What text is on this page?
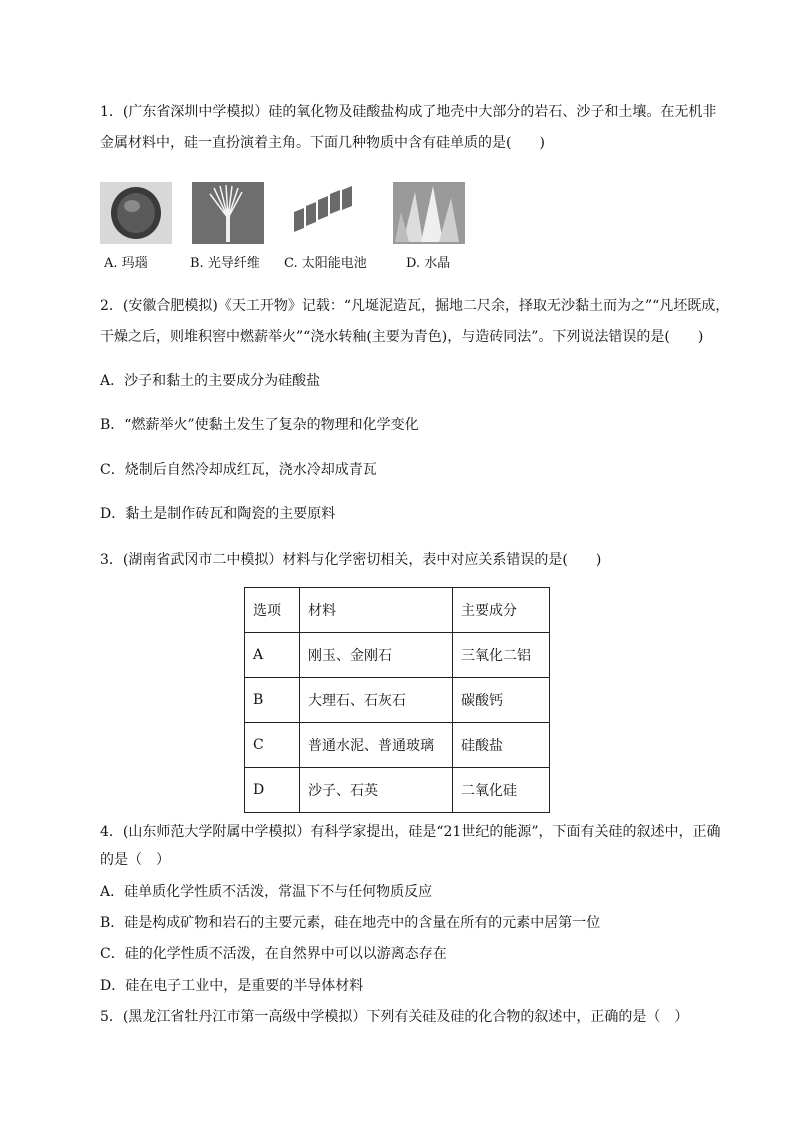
1．(广东省深圳中学模拟）硅的氧化物及硅酸盐构成了地壳中大部分的岩石、沙子和土壤。在无机非
金属材料中，硅一直扮演着主角。下面几种物质中含有硅单质的是(　　)
A. 玛瑙	B. 光导纤维 C. 太阳能电池	D. 水晶
2．(安徽合肥模拟)《天工开物》记载：“凡埏泥造瓦，掘地二尺余，择取无沙黏土而为之”“凡坯既成，
干燥之后，则堆积窖中燃薪举火”“浇水转釉(主要为青色)，与造砖同法”。下列说法错误的是(　　)
A．沙子和黏土的主要成分为硅酸盐
B．“燃薪举火”使黏土发生了复杂的物理和化学变化
C．烧制后自然冷却成红瓦，浇水冷却成青瓦
D．黏土是制作砖瓦和陶瓷的主要原料
3．(湖南省武冈市二中模拟）材料与化学密切相关，表中对应关系错误的是(　　)
选项	材料	主要成分
A	刚玉、金刚石	三氧化二铝
B	大理石、石灰石	碳酸钙
C	普通水泥、普通玻璃	硅酸盐
D	沙子、石英	二氧化硅
4．(山东师范大学附属中学模拟）有科学家提出，硅是“21世纪的能源”，下面有关硅的叙述中，正确
的是（　）
A．硅单质化学性质不活泼，常温下不与任何物质反应
B．硅是构成矿物和岩石的主要元素，硅在地壳中的含量在所有的元素中居第一位
C．硅的化学性质不活泼，在自然界中可以以游离态存在
D．硅在电子工业中，是重要的半导体材料
5．(黑龙江省牡丹江市第一高级中学模拟）下列有关硅及硅的化合物的叙述中，正确的是（　）
